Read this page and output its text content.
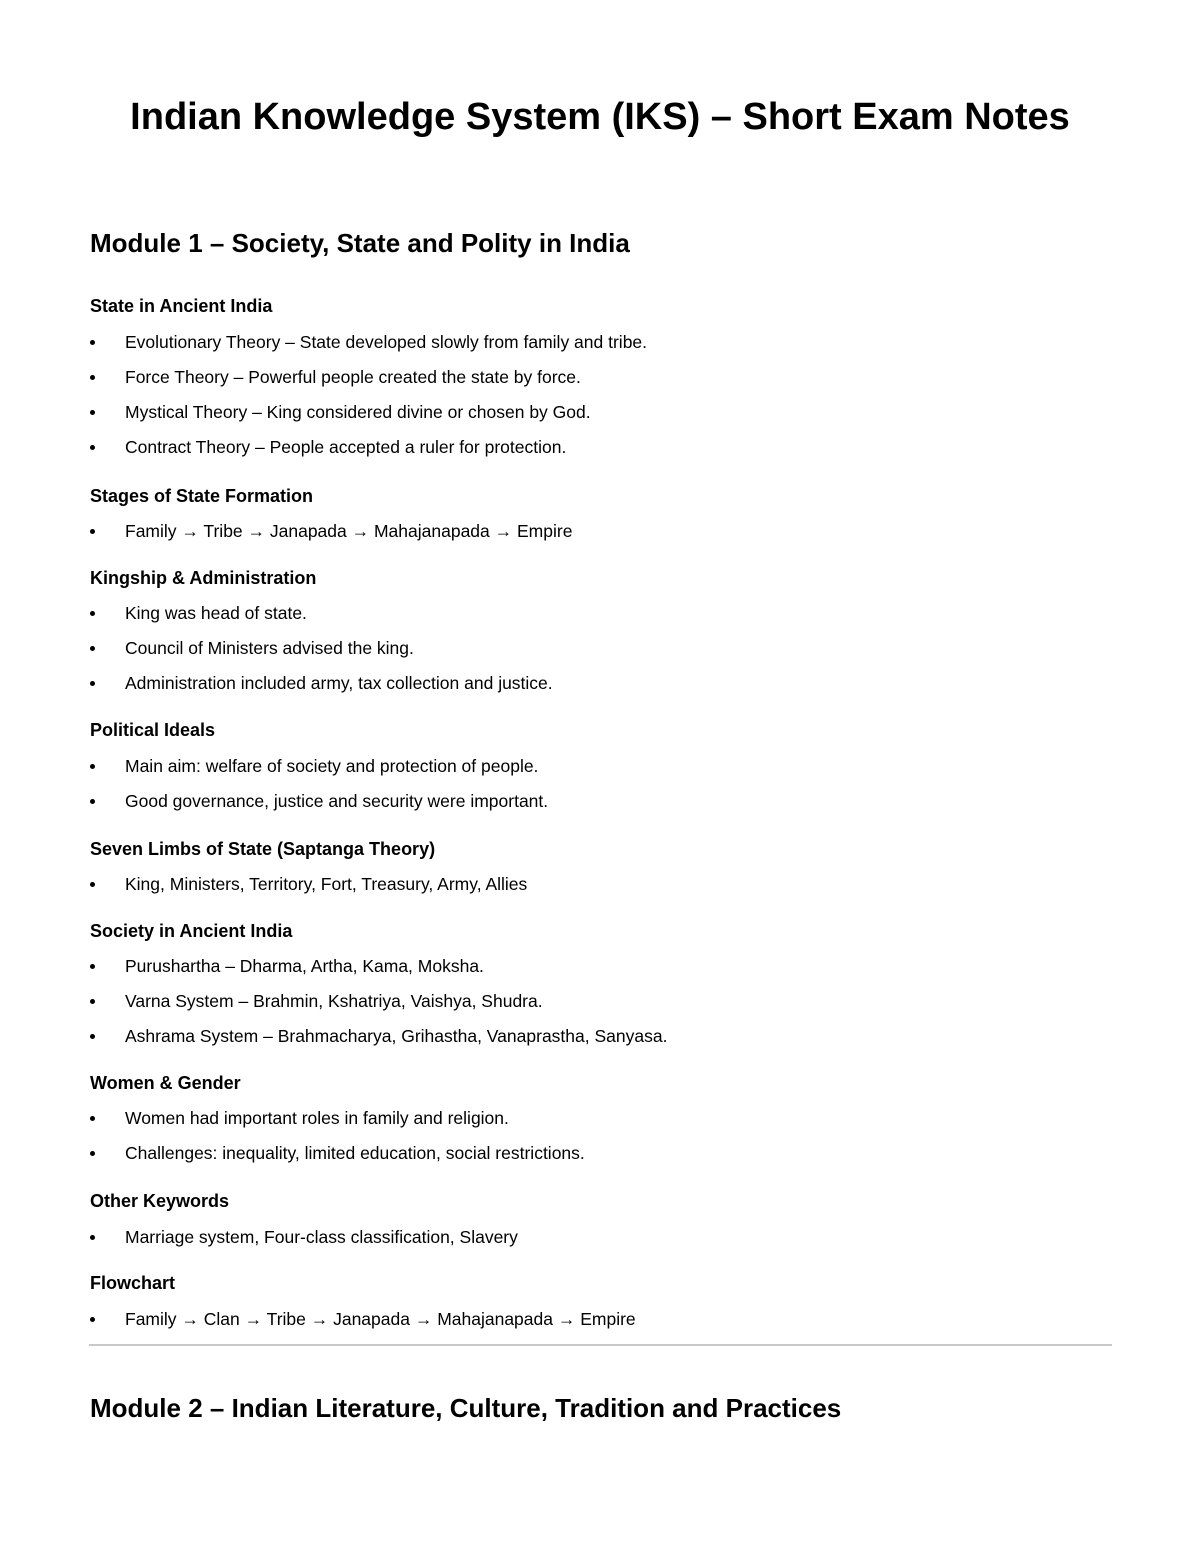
Indian Knowledge System (IKS) – Short Exam Notes
Module 1 – Society, State and Polity in India
State in Ancient India
Evolutionary Theory – State developed slowly from family and tribe.
Force Theory – Powerful people created the state by force.
Mystical Theory – King considered divine or chosen by God.
Contract Theory – People accepted a ruler for protection.
Stages of State Formation
Family → Tribe → Janapada → Mahajanapada → Empire
Kingship & Administration
King was head of state.
Council of Ministers advised the king.
Administration included army, tax collection and justice.
Political Ideals
Main aim: welfare of society and protection of people.
Good governance, justice and security were important.
Seven Limbs of State (Saptanga Theory)
King, Ministers, Territory, Fort, Treasury, Army, Allies
Society in Ancient India
Purushartha – Dharma, Artha, Kama, Moksha.
Varna System – Brahmin, Kshatriya, Vaishya, Shudra.
Ashrama System – Brahmacharya, Grihastha, Vanaprastha, Sanyasa.
Women & Gender
Women had important roles in family and religion.
Challenges: inequality, limited education, social restrictions.
Other Keywords
Marriage system, Four-class classification, Slavery
Flowchart
Family → Clan → Tribe → Janapada → Mahajanapada → Empire
Module 2 – Indian Literature, Culture, Tradition and Practices
